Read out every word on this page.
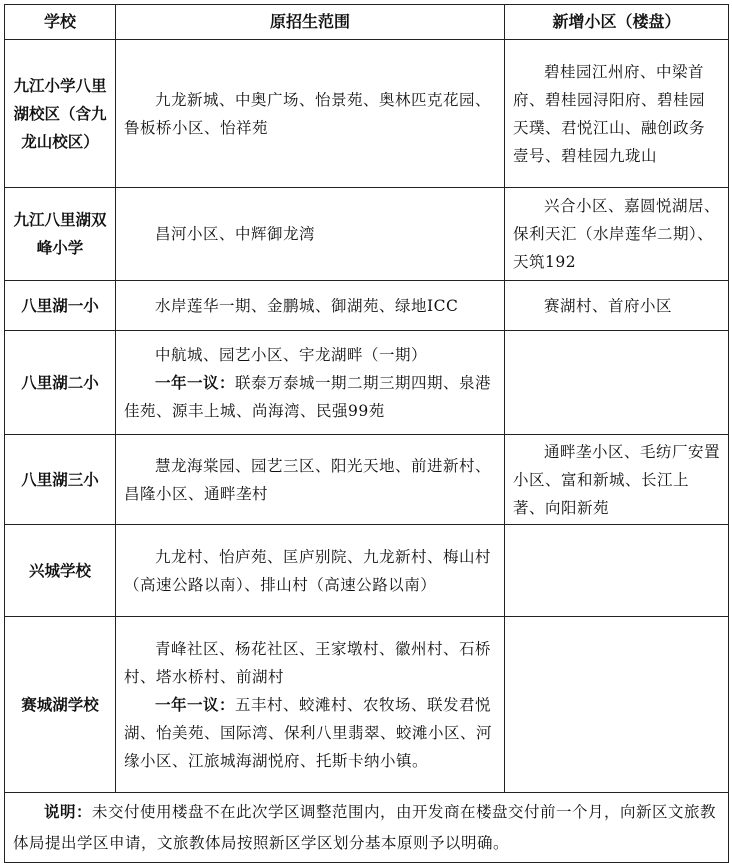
学校	原招生范围	新增小区（楼盘）
九江小学八里湖校区（含九龙山校区）	九龙新城、中奥广场、怡景苑、奥林匹克花园、鲁板桥小区、怡祥苑	碧桂园江州府、中梁首府、碧桂园浔阳府、碧桂园天璞、君悦江山、融创政务壹号、碧桂园九珑山

九江八里湖双峰小学	昌河小区、中辉御龙湾	兴合小区、嘉圆悦湖居、保利天汇（水岸莲华二期）、天筑192

八里湖一小	水岸莲华一期、金鹏城、御湖苑、绿地ICC	赛湖村、首府小区

八里湖二小	中航城、园艺小区、宇龙湖畔（一期）
一年一议：联泰万泰城一期二期三期四期、泉港佳苑、源丰上城、尚海湾、民强99苑	

八里湖三小	慧龙海棠园、园艺三区、阳光天地、前进新村、昌隆小区、通畔垄村	通畔垄小区、毛纺厂安置小区、富和新城、长江上著、向阳新苑

兴城学校	九龙村、怡庐苑、匡庐别院、九龙新村、梅山村（高速公路以南）、排山村（高速公路以南）	

赛城湖学校	青峰社区、杨花社区、王家墩村、徽州村、石桥村、塔水桥村、前湖村
一年一议：五丰村、蛟滩村、农牧场、联发君悦湖、怡美苑、国际湾、保利八里翡翠、蛟滩小区、河缘小区、江旅城海湖悦府、托斯卡纳小镇。	

说明：未交付使用楼盘不在此次学区调整范围内，由开发商在楼盘交付前一个月，向新区文旅教体局提出学区申请，文旅教体局按照新区学区划分基本原则予以明确。		
